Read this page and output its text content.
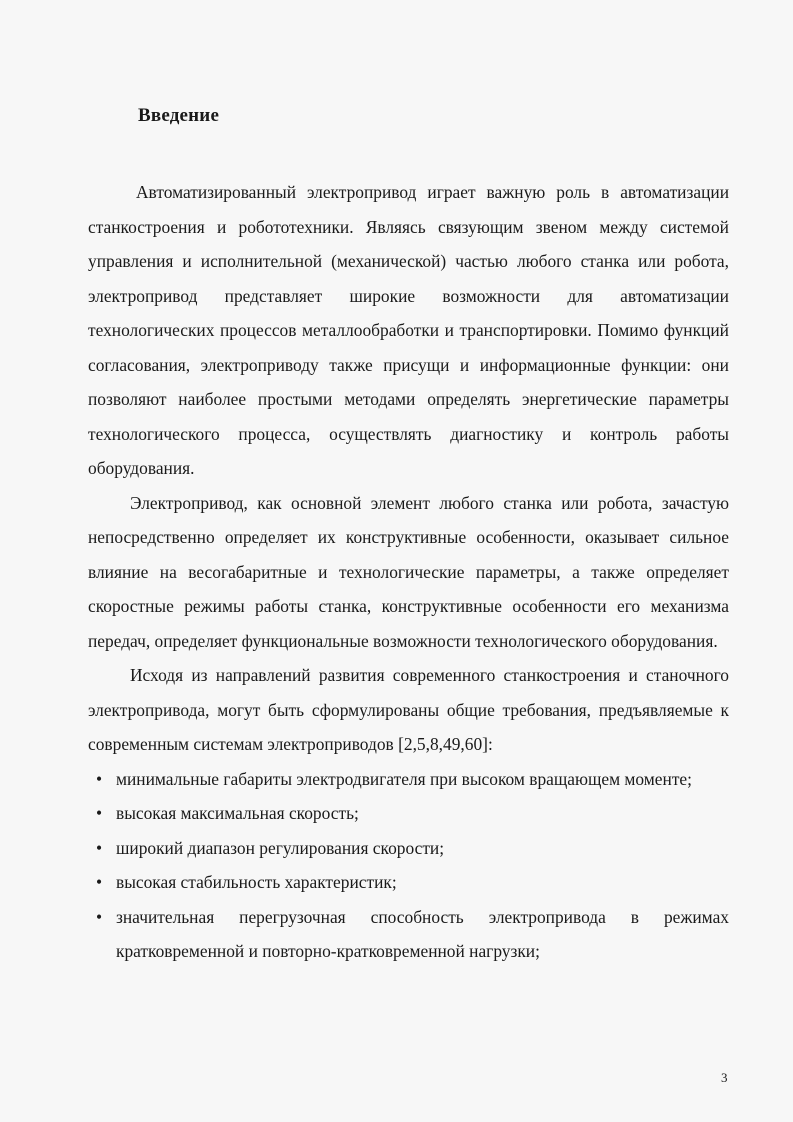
Введение

Автоматизированный электропривод играет важную роль в автоматизации станкостроения и робототехники. Являясь связующим звеном между системой управления и исполнительной (механической) частью любого станка или робота, электропривод представляет широкие возможности для автоматизации технологических процессов металлообработки и транспортировки. Помимо функций согласования, электроприводу также присущи и информационные функции: они позволяют наиболее простыми методами определять энергетические параметры технологического процесса, осуществлять диагностику и контроль работы оборудования.

Электропривод, как основной элемент любого станка или робота, зачастую непосредственно определяет их конструктивные особенности, оказывает сильное влияние на весогабаритные и технологические параметры, а также определяет скоростные режимы работы станка, конструктивные особенности его механизма передач, определяет функциональные возможности технологического оборудования.

Исходя из направлений развития современного станкостроения и станочного электропривода, могут быть сформулированы общие требования, предъявляемые к современным системам электроприводов [2,5,8,49,60]:

• минимальные габариты электродвигателя при высоком вращающем моменте;
• высокая максимальная скорость;
• широкий диапазон регулирования скорости;
• высокая стабильность характеристик;
• значительная перегрузочная способность электропривода в режимах кратковременной и повторно-кратковременной нагрузки;
3
